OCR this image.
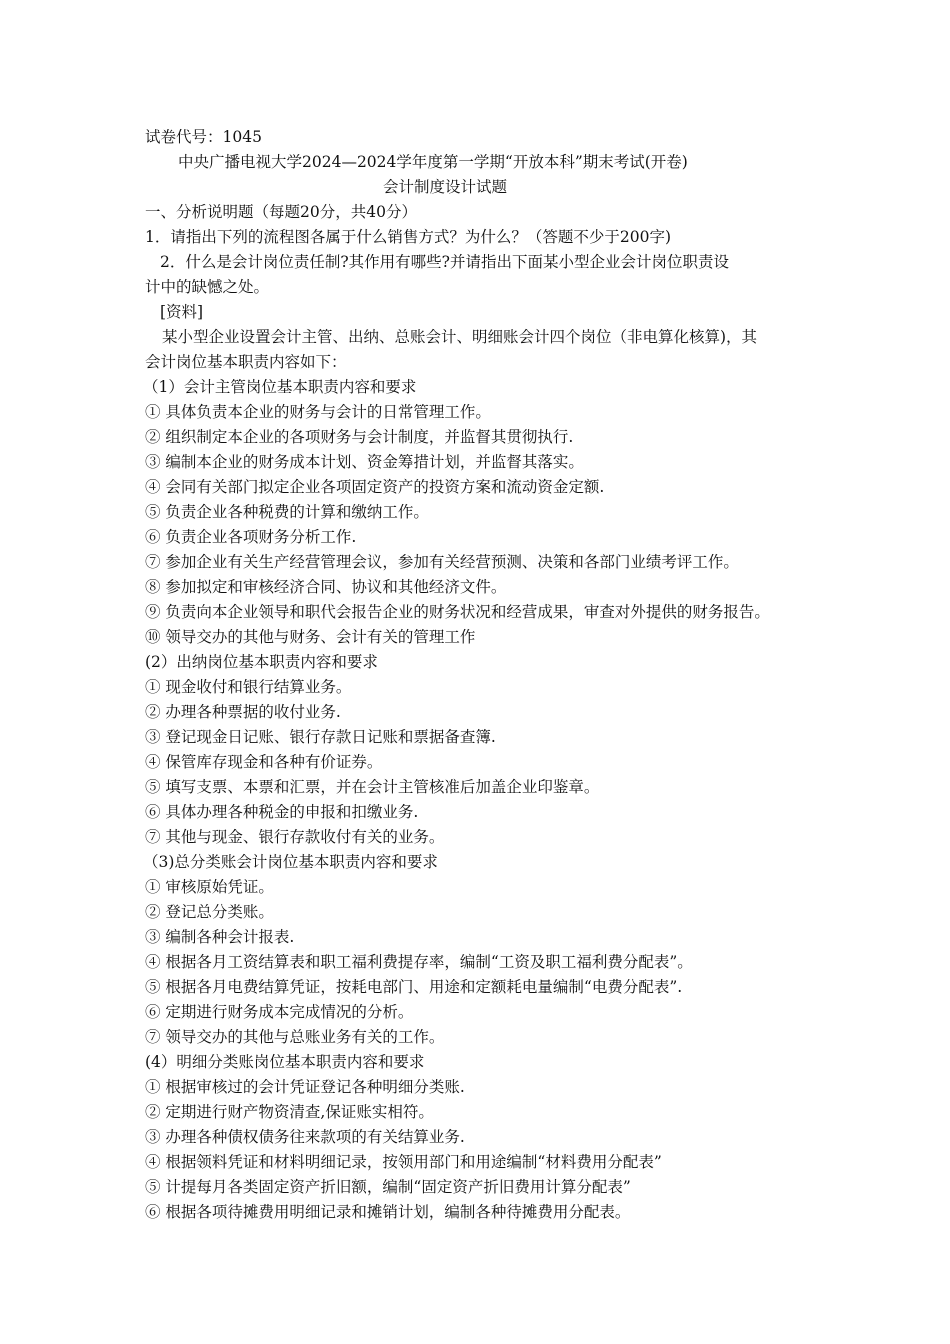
试卷代号：1045
中央广播电视大学2024—2024学年度第一学期“开放本科”期末考试(开卷)
会计制度设计试题
一、分析说明题（每题20分，共40分）
1．请指出下列的流程图各属于什么销售方式？为什么？（答题不少于200字)
2．什么是会计岗位责任制?其作用有哪些?并请指出下面某小型企业会计岗位职责设
计中的缺憾之处。
[资料]
某小型企业设置会计主管、出纳、总账会计、明细账会计四个岗位（非电算化核算)，其
会计岗位基本职责内容如下：
（1）会计主管岗位基本职责内容和要求
① 具体负责本企业的财务与会计的日常管理工作。
② 组织制定本企业的各项财务与会计制度，并监督其贯彻执行.
③ 编制本企业的财务成本计划、资金筹措计划，并监督其落实。
④ 会同有关部门拟定企业各项固定资产的投资方案和流动资金定额.
⑤ 负责企业各种税费的计算和缴纳工作。
⑥ 负责企业各项财务分析工作.
⑦ 参加企业有关生产经营管理会议，参加有关经营预测、决策和各部门业绩考评工作。
⑧ 参加拟定和审核经济合同、协议和其他经济文件。
⑨ 负责向本企业领导和职代会报告企业的财务状况和经营成果，审查对外提供的财务报告。
⑩ 领导交办的其他与财务、会计有关的管理工作
(2）出纳岗位基本职责内容和要求
① 现金收付和银行结算业务。
② 办理各种票据的收付业务.
③ 登记现金日记账、银行存款日记账和票据备查簿.
④ 保管库存现金和各种有价证券。
⑤ 填写支票、本票和汇票，并在会计主管核准后加盖企业印鉴章。
⑥ 具体办理各种税金的申报和扣缴业务.
⑦ 其他与现金、银行存款收付有关的业务。
（3)总分类账会计岗位基本职责内容和要求
① 审核原始凭证。
② 登记总分类账。
③ 编制各种会计报表.
④ 根据各月工资结算表和职工福利费提存率，编制“工资及职工福利费分配表”。
⑤ 根据各月电费结算凭证，按耗电部门、用途和定额耗电量编制“电费分配表”.
⑥ 定期进行财务成本完成情况的分析。
⑦ 领导交办的其他与总账业务有关的工作。
(4）明细分类账岗位基本职责内容和要求
① 根据审核过的会计凭证登记各种明细分类账.
② 定期进行财产物资清查,保证账实相符。
③ 办理各种债权债务往来款项的有关结算业务.
④ 根据领料凭证和材料明细记录，按领用部门和用途编制“材料费用分配表”
⑤ 计提每月各类固定资产折旧额，编制“固定资产折旧费用计算分配表”
⑥ 根据各项待摊费用明细记录和摊销计划，编制各种待摊费用分配表。
